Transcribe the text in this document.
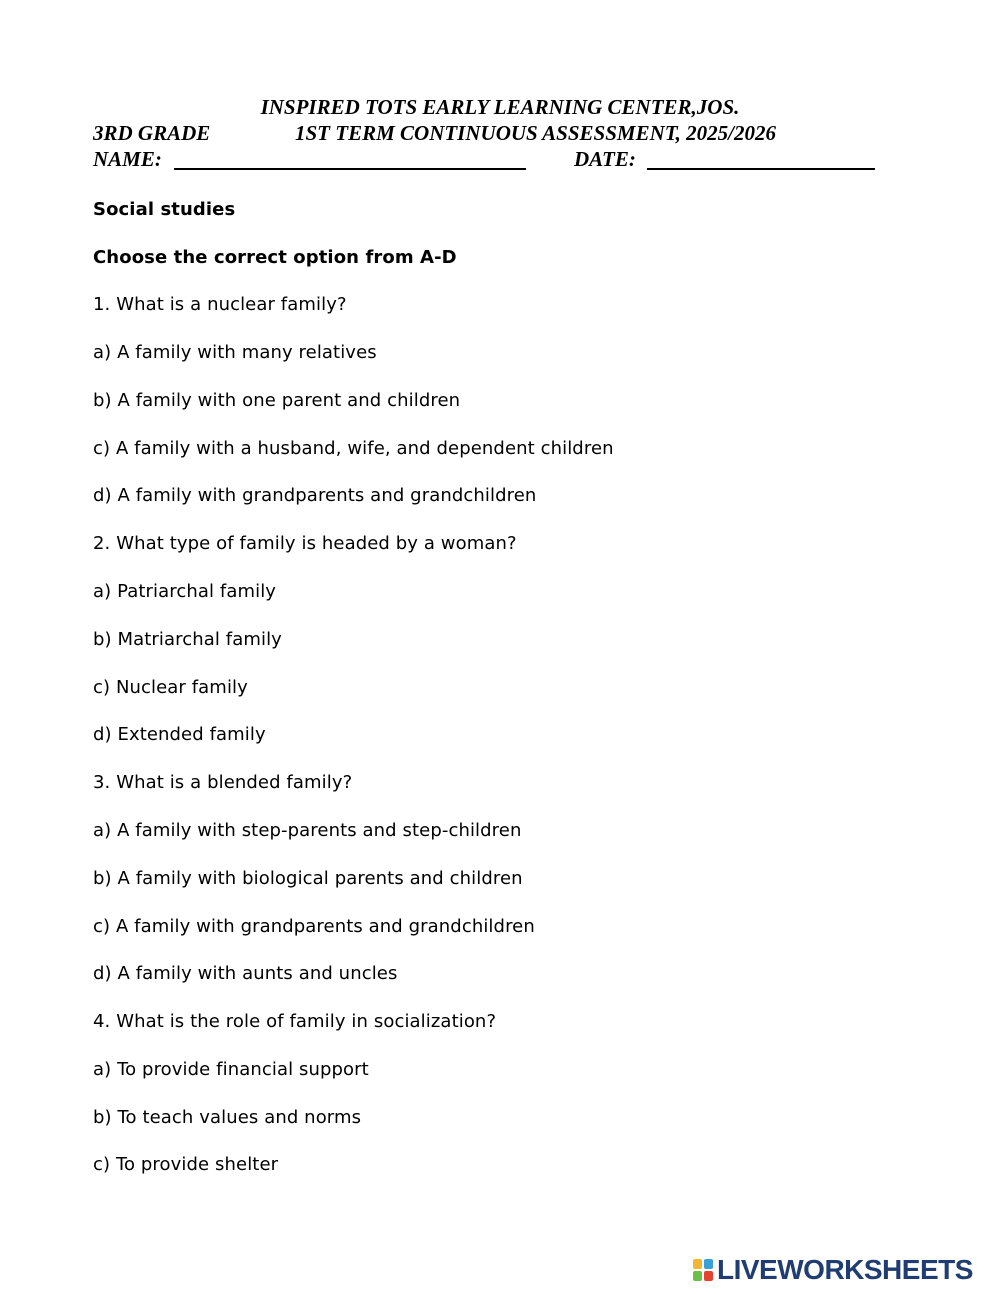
INSPIRED TOTS EARLY LEARNING CENTER,JOS.
3RD GRADE	1ST TERM CONTINUOUS ASSESSMENT, 2025/2026
NAME:	DATE:
Social studies
Choose the correct option from A-D
1. What is a nuclear family?
a) A family with many relatives
b) A family with one parent and children
c) A family with a husband, wife, and dependent children
d) A family with grandparents and grandchildren
2. What type of family is headed by a woman?
a) Patriarchal family
b) Matriarchal family
c) Nuclear family
d) Extended family
3. What is a blended family?
a) A family with step-parents and step-children
b) A family with biological parents and children
c) A family with grandparents and grandchildren
d) A family with aunts and uncles
4. What is the role of family in socialization?
a) To provide financial support
b) To teach values and norms
c) To provide shelter
LIVEWORKSHEETS
